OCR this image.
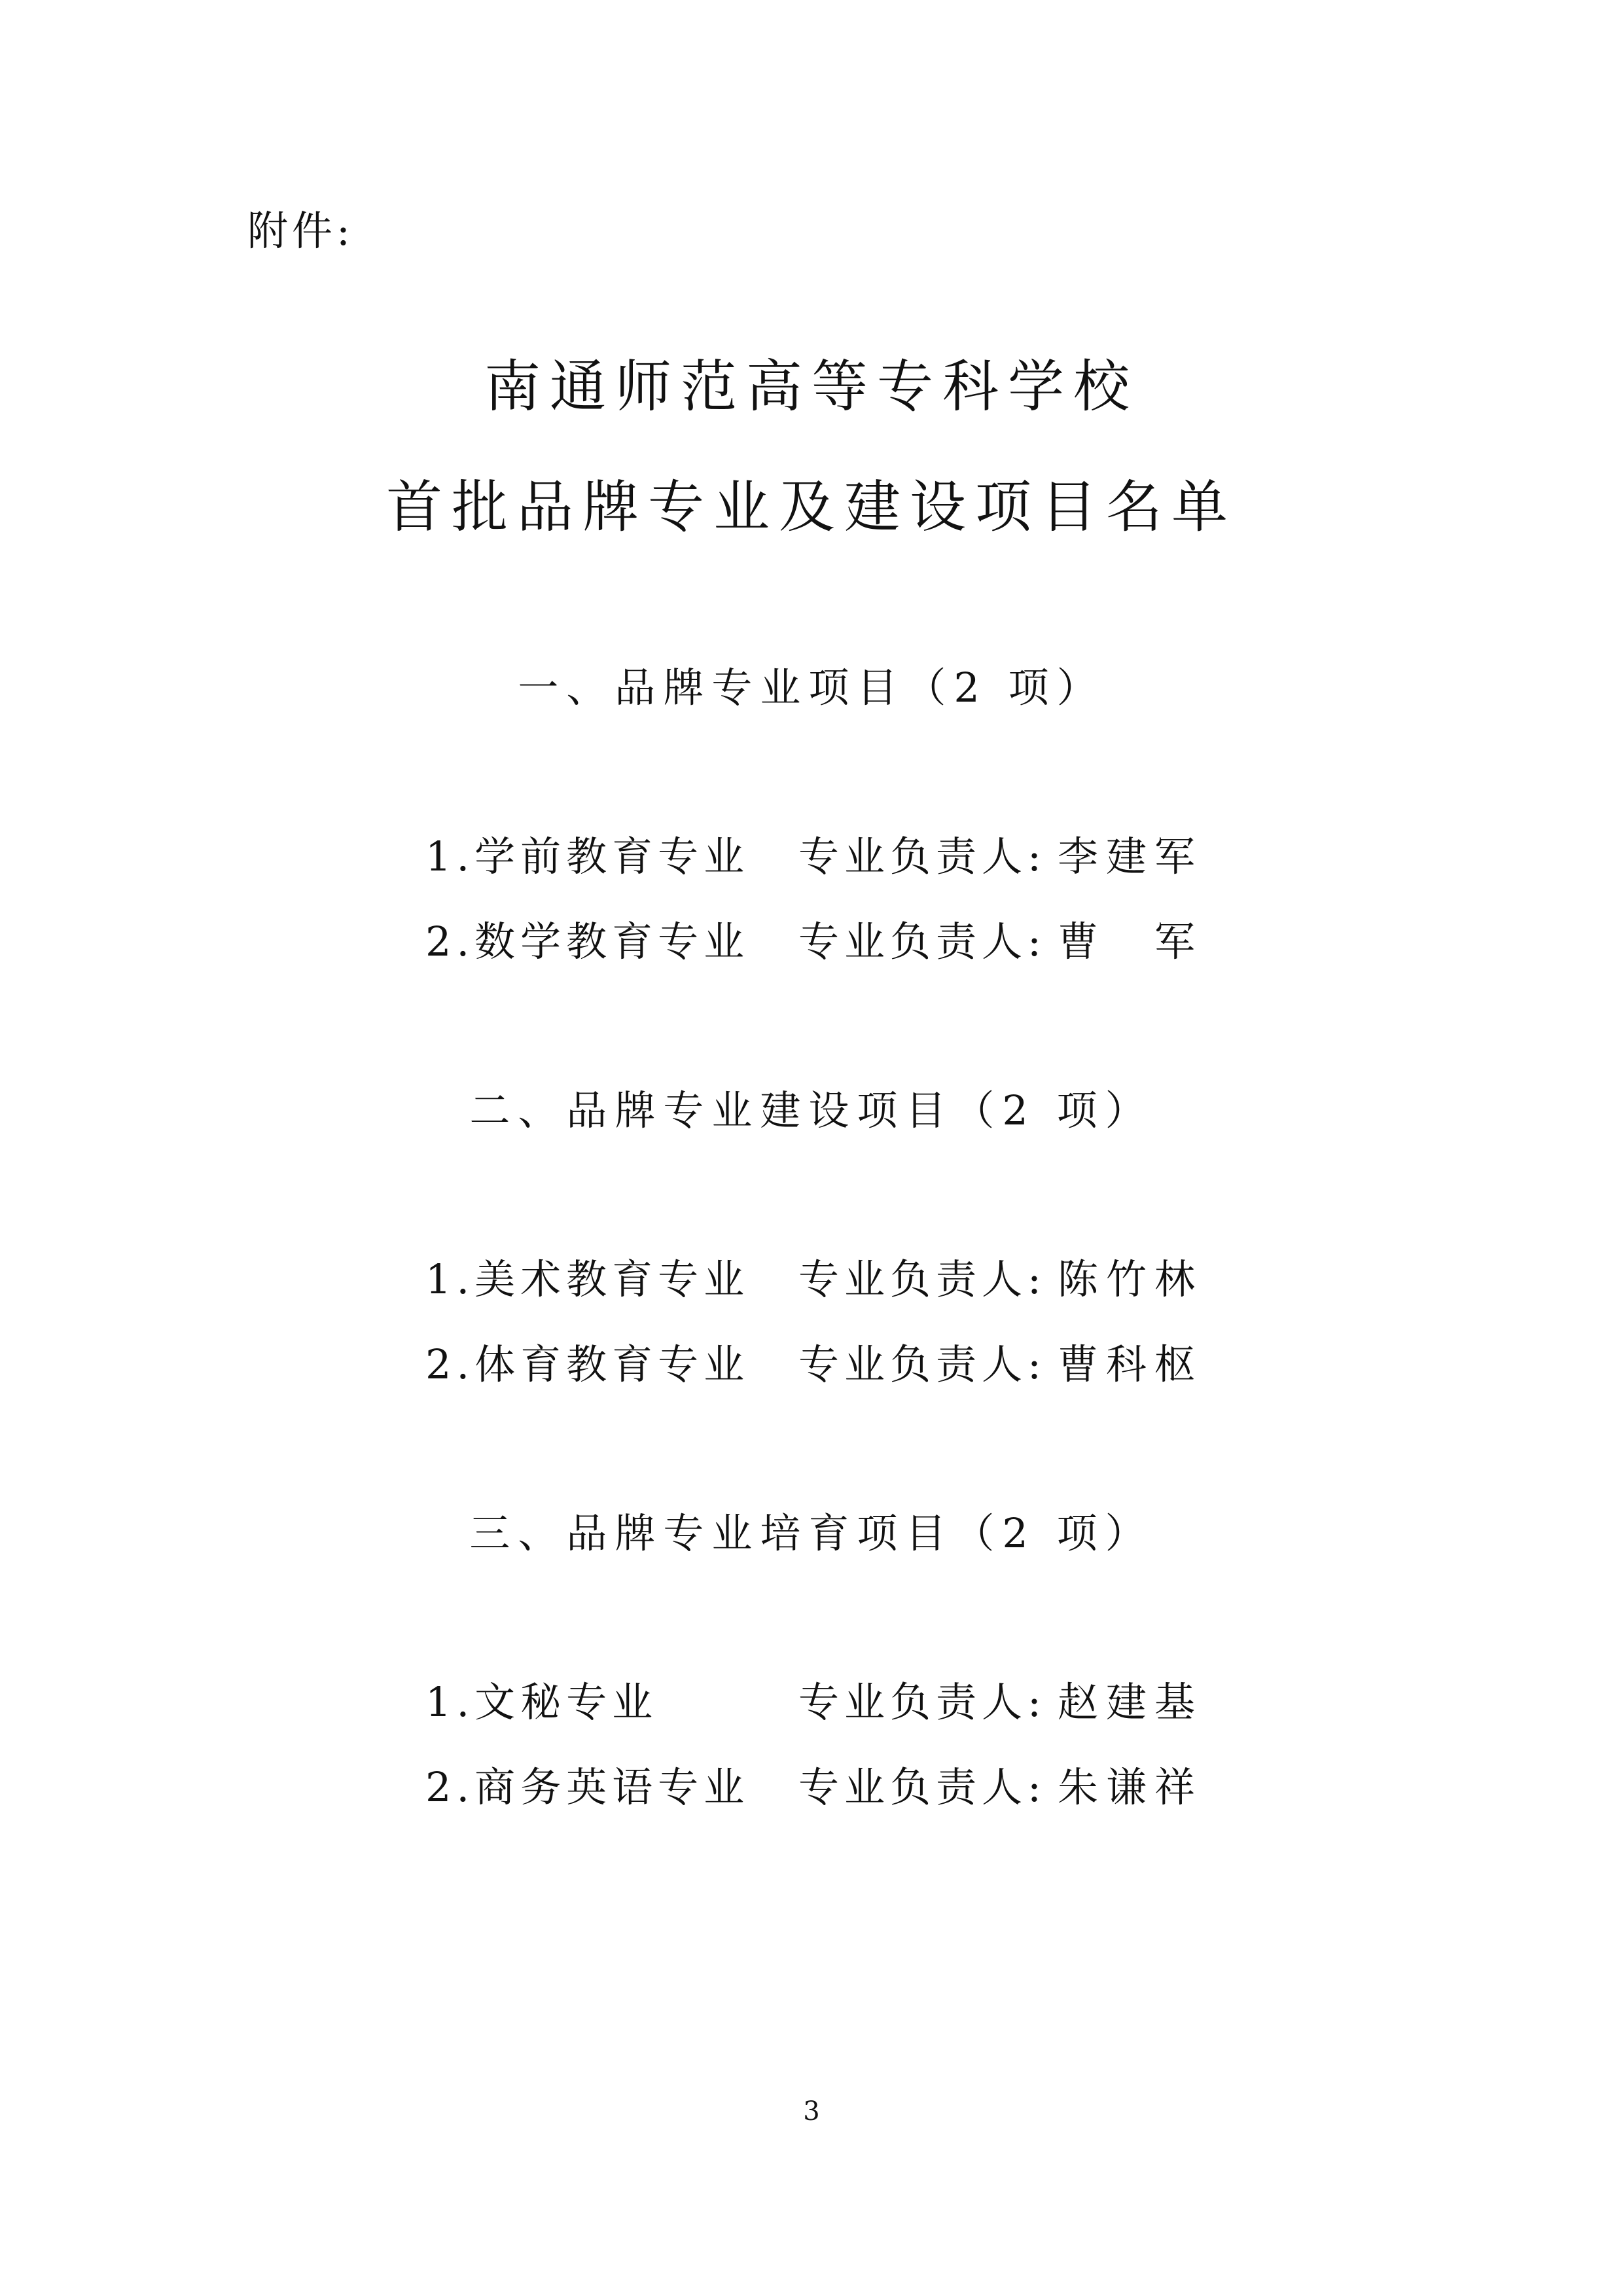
附件:
南通师范高等专科学校
首批品牌专业及建设项目名单
一、品牌专业项目（2 项）
1.学前教育专业 专业负责人: 李建军
2.数学教育专业 专业负责人: 曹　军
二、品牌专业建设项目（2 项）
1.美术教育专业 专业负责人: 陈竹林
2.体育教育专业 专业负责人: 曹科枢
三、品牌专业培育项目（2 项）
1.文秘专业	专业负责人: 赵建基
2.商务英语专业 专业负责人: 朱谦祥
3
